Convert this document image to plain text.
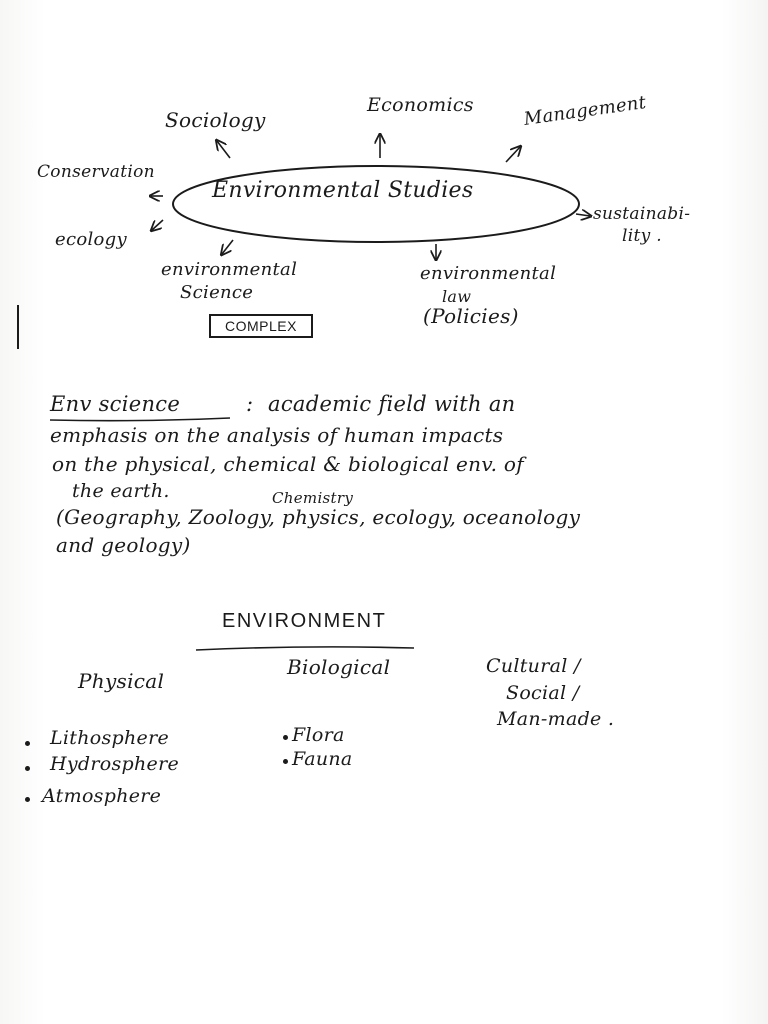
Sociology
Economics	Management
Conservation
Environmental Studies
ecology
sustainabi-
lity .
environmental
Science
COMPLEX
environmental
law
(Policies)
Env science	: academic field with an
emphasis on the analysis of human impacts
on the physical, chemical & biological env. of
the earth.	Chemistry
(Geography, Zoology, physics, ecology, oceanology
and geology)
ENVIRONMENT
Physical
Biological	Cultural /
Social /
Man-made .
Lithosphere
Hydrosphere
Atmosphere
Flora
Fauna
